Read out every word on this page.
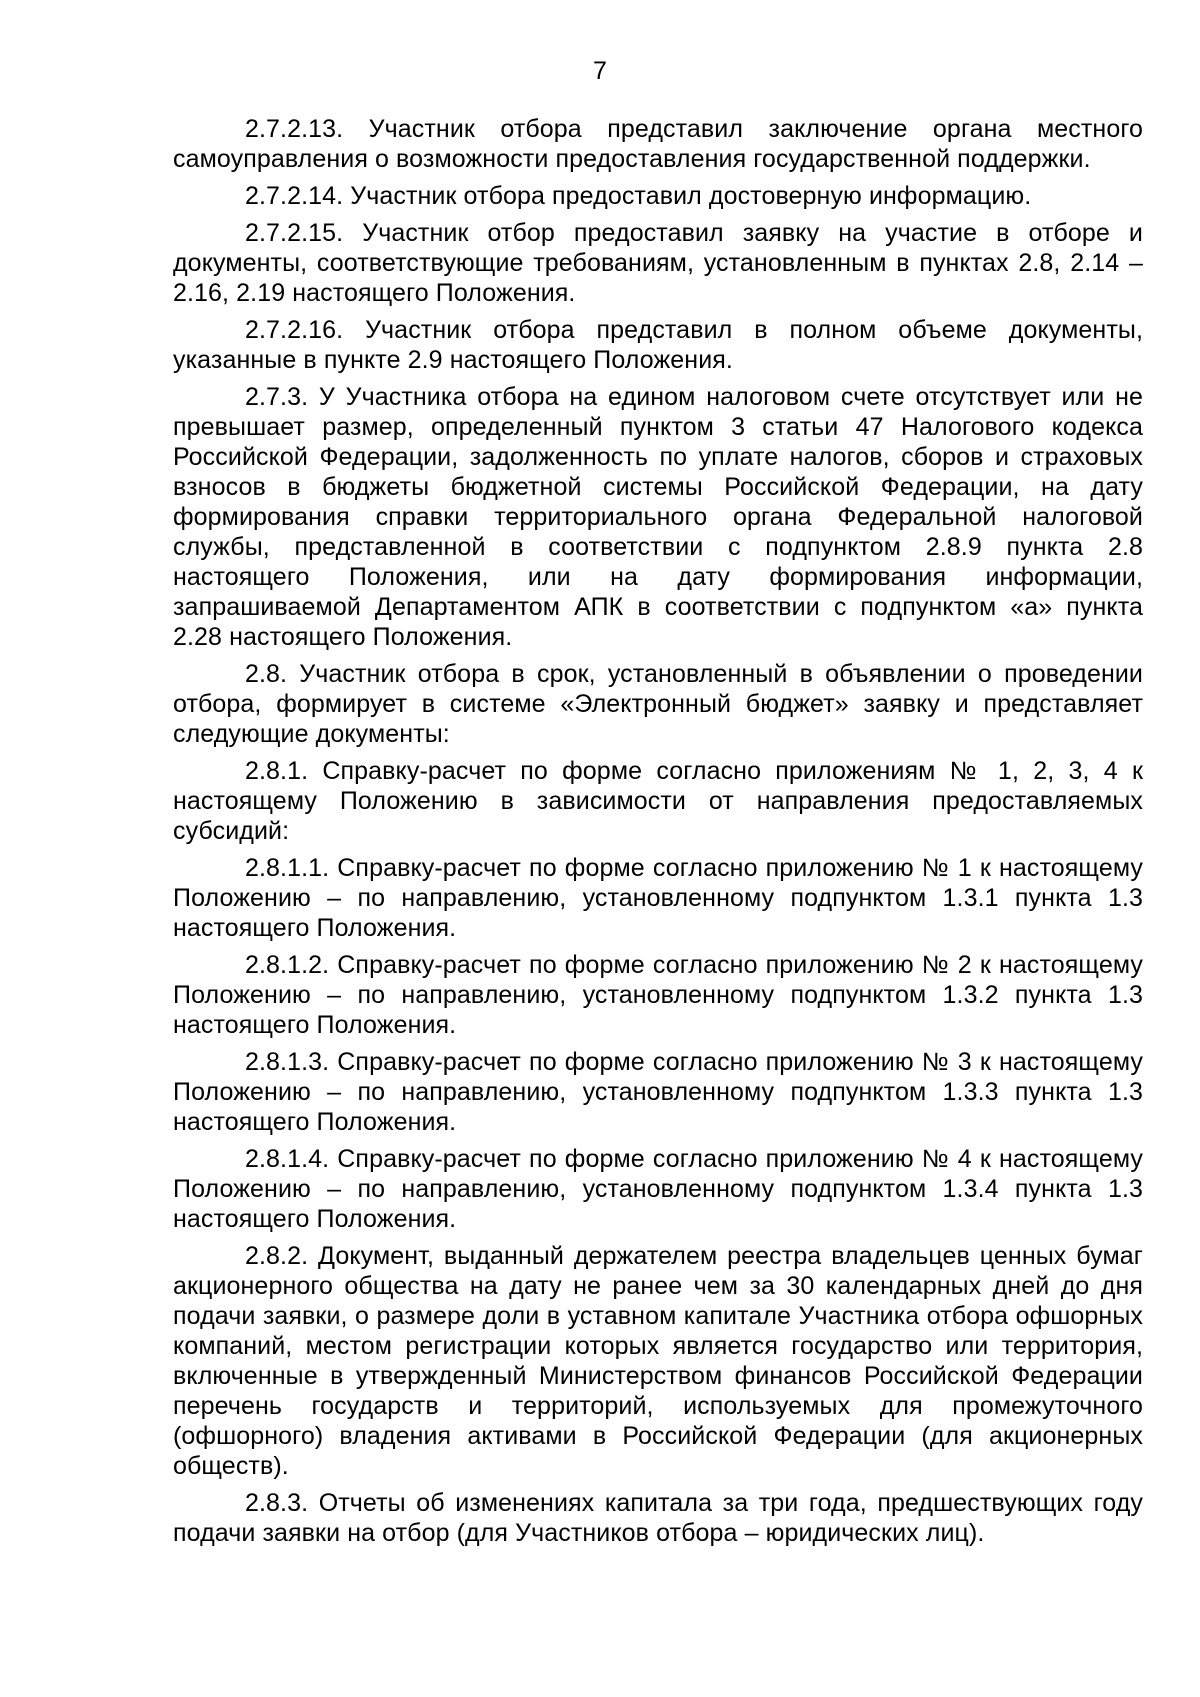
7

2.7.2.13. Участник отбора представил заключение органа местного самоуправления о возможности предоставления государственной поддержки.

2.7.2.14. Участник отбора предоставил достоверную информацию.

2.7.2.15. Участник отбор предоставил заявку на участие в отборе и документы, соответствующие требованиям, установленным в пунктах 2.8, 2.14 – 2.16, 2.19 настоящего Положения.

2.7.2.16. Участник отбора представил в полном объеме документы, указанные в пункте 2.9 настоящего Положения.

2.7.3. У Участника отбора на едином налоговом счете отсутствует или не превышает размер, определенный пунктом 3 статьи 47 Налогового кодекса Российской Федерации, задолженность по уплате налогов, сборов и страховых взносов в бюджеты бюджетной системы Российской Федерации, на дату формирования справки территориального органа Федеральной налоговой службы, представленной в соответствии с подпунктом 2.8.9 пункта 2.8 настоящего Положения, или на дату формирования информации, запрашиваемой Департаментом АПК в соответствии с подпунктом «а» пункта 2.28 настоящего Положения.

2.8. Участник отбора в срок, установленный в объявлении о проведении отбора, формирует в системе «Электронный бюджет» заявку и представляет следующие документы:

2.8.1. Справку-расчет по форме согласно приложениям № 1, 2, 3, 4 к настоящему Положению в зависимости от направления предоставляемых субсидий:

2.8.1.1. Справку-расчет по форме согласно приложению № 1 к настоящему Положению – по направлению, установленному подпунктом 1.3.1 пункта 1.3 настоящего Положения.

2.8.1.2. Справку-расчет по форме согласно приложению № 2 к настоящему Положению – по направлению, установленному подпунктом 1.3.2 пункта 1.3 настоящего Положения.

2.8.1.3. Справку-расчет по форме согласно приложению № 3 к настоящему Положению – по направлению, установленному подпунктом 1.3.3 пункта 1.3 настоящего Положения.

2.8.1.4. Справку-расчет по форме согласно приложению № 4 к настоящему Положению – по направлению, установленному подпунктом 1.3.4 пункта 1.3 настоящего Положения.

2.8.2. Документ, выданный держателем реестра владельцев ценных бумаг акционерного общества на дату не ранее чем за 30 календарных дней до дня подачи заявки, о размере доли в уставном капитале Участника отбора офшорных компаний, местом регистрации которых является государство или территория, включенные в утвержденный Министерством финансов Российской Федерации перечень государств и территорий, используемых для промежуточного (офшорного) владения активами в Российской Федерации (для акционерных обществ).

2.8.3. Отчеты об изменениях капитала за три года, предшествующих году подачи заявки на отбор (для Участников отбора – юридических лиц).
